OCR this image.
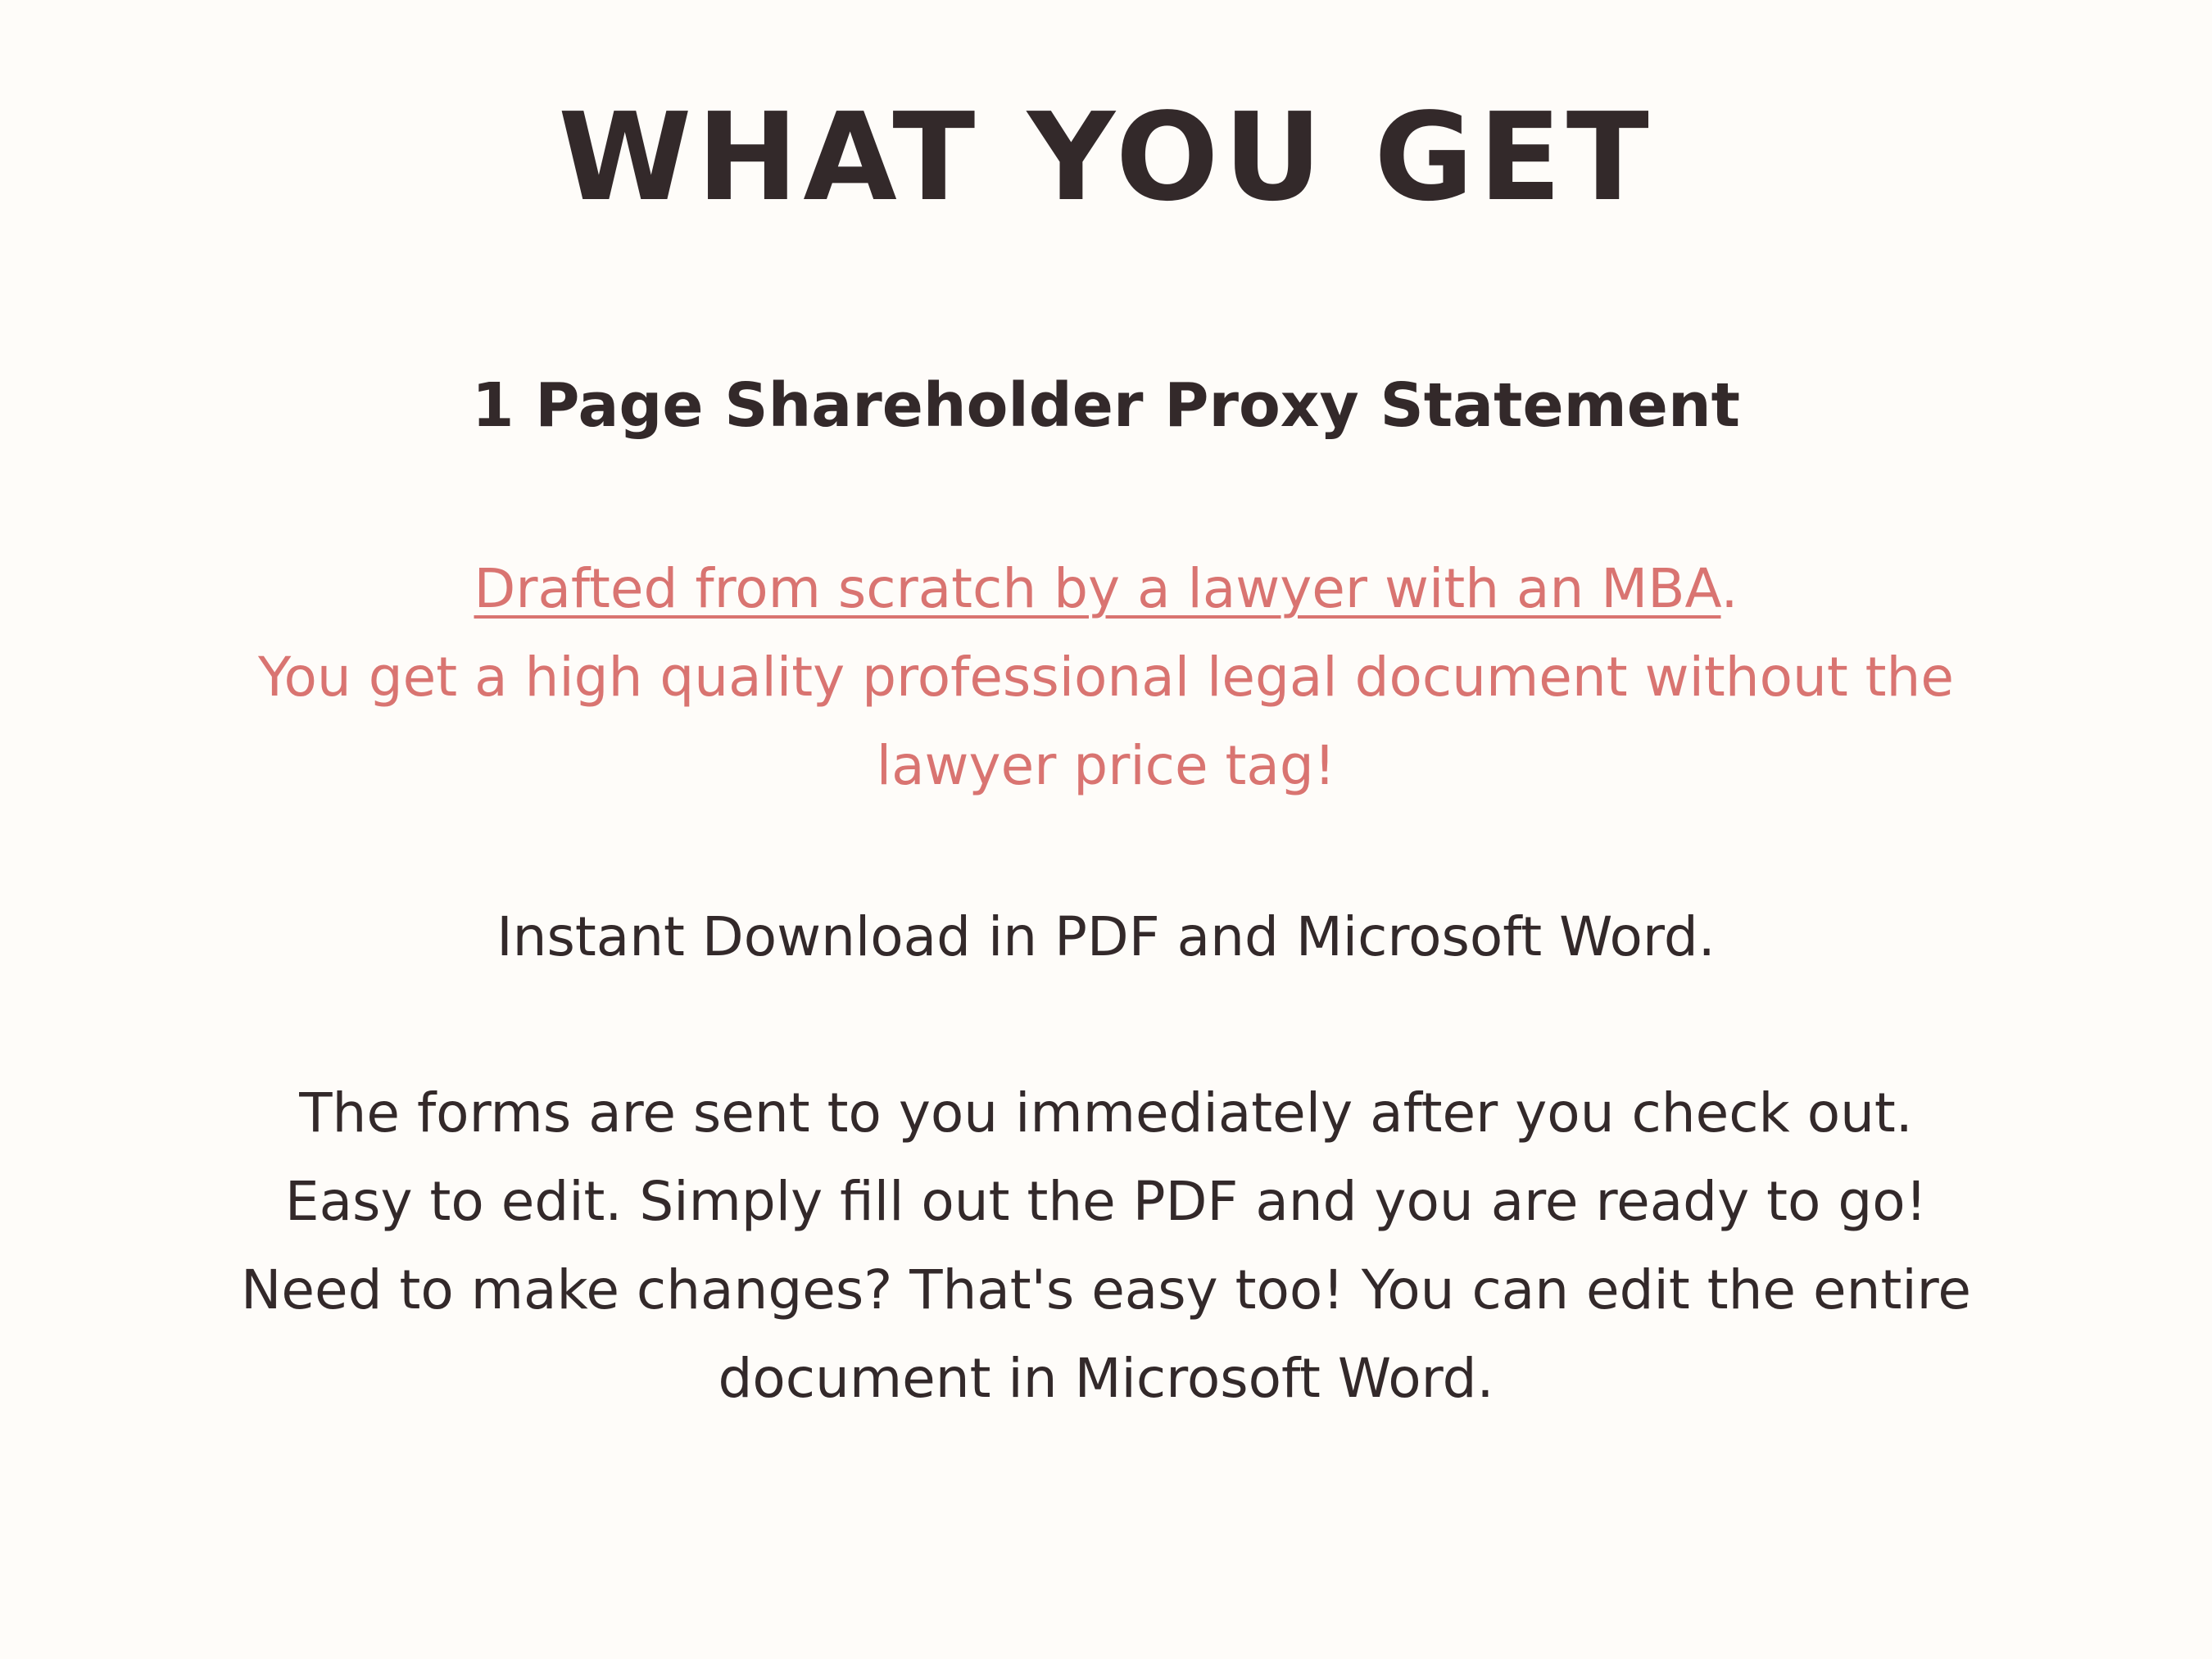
WHAT YOU GET
1 Page Shareholder Proxy Statement
Drafted from scratch by a lawyer with an MBA.
You get a high quality professional legal document without the
lawyer price tag!
Instant Download in PDF and Microsoft Word.
The forms are sent to you immediately after you check out.
Easy to edit. Simply fill out the PDF and you are ready to go!
Need to make changes? That's easy too! You can edit the entire
document in Microsoft Word.
